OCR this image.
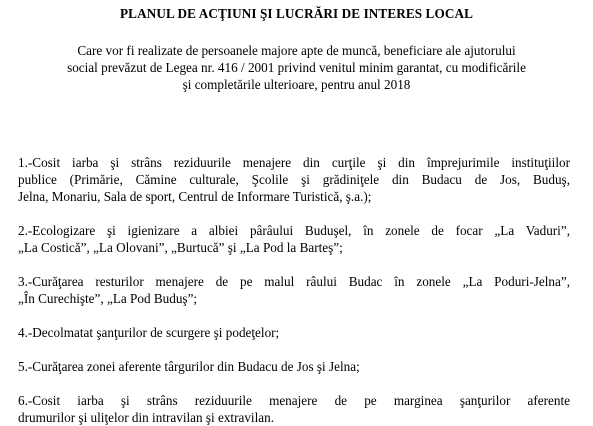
PLANUL DE ACŢIUNI ŞI LUCRĂRI DE INTERES LOCAL

Care vor fi realizate de persoanele majore apte de muncă, beneficiare ale ajutorului

social prevăzut de Legea nr. 416 / 2001 privind venitul minim garantat, cu modificările

şi completările ulterioare, pentru anul 2018

1.-Cosit iarba şi strâns reziduurile menajere din curţile şi din împrejurimile instituţiilor
publice (Primărie, Cămine culturale, Şcolile şi grădiniţele din Budacu de Jos, Buduş,
Jelna, Monariu, Sala de sport, Centrul de Informare Turistică, ş.a.);
2.-Ecologizare şi igienizare a albiei pârâului Buduşel, în zonele de focar „La Vaduri”,
„La Costică”, „La Olovani”, „Burtucă” şi „La Pod la Barteş”;
3.-Curăţarea resturilor menajere de pe malul râului Budac în zonele „La Poduri-Jelna”,
„În Curechişte”, „La Pod Buduş”;
4.-Decolmatat şanţurilor de scurgere şi podeţelor;
5.-Curăţarea zonei aferente târgurilor din Budacu de Jos şi Jelna;
6.-Cosit iarba şi strâns reziduurile menajere de pe marginea şanţurilor aferente
drumurilor şi uliţelor din intravilan şi extravilan.
